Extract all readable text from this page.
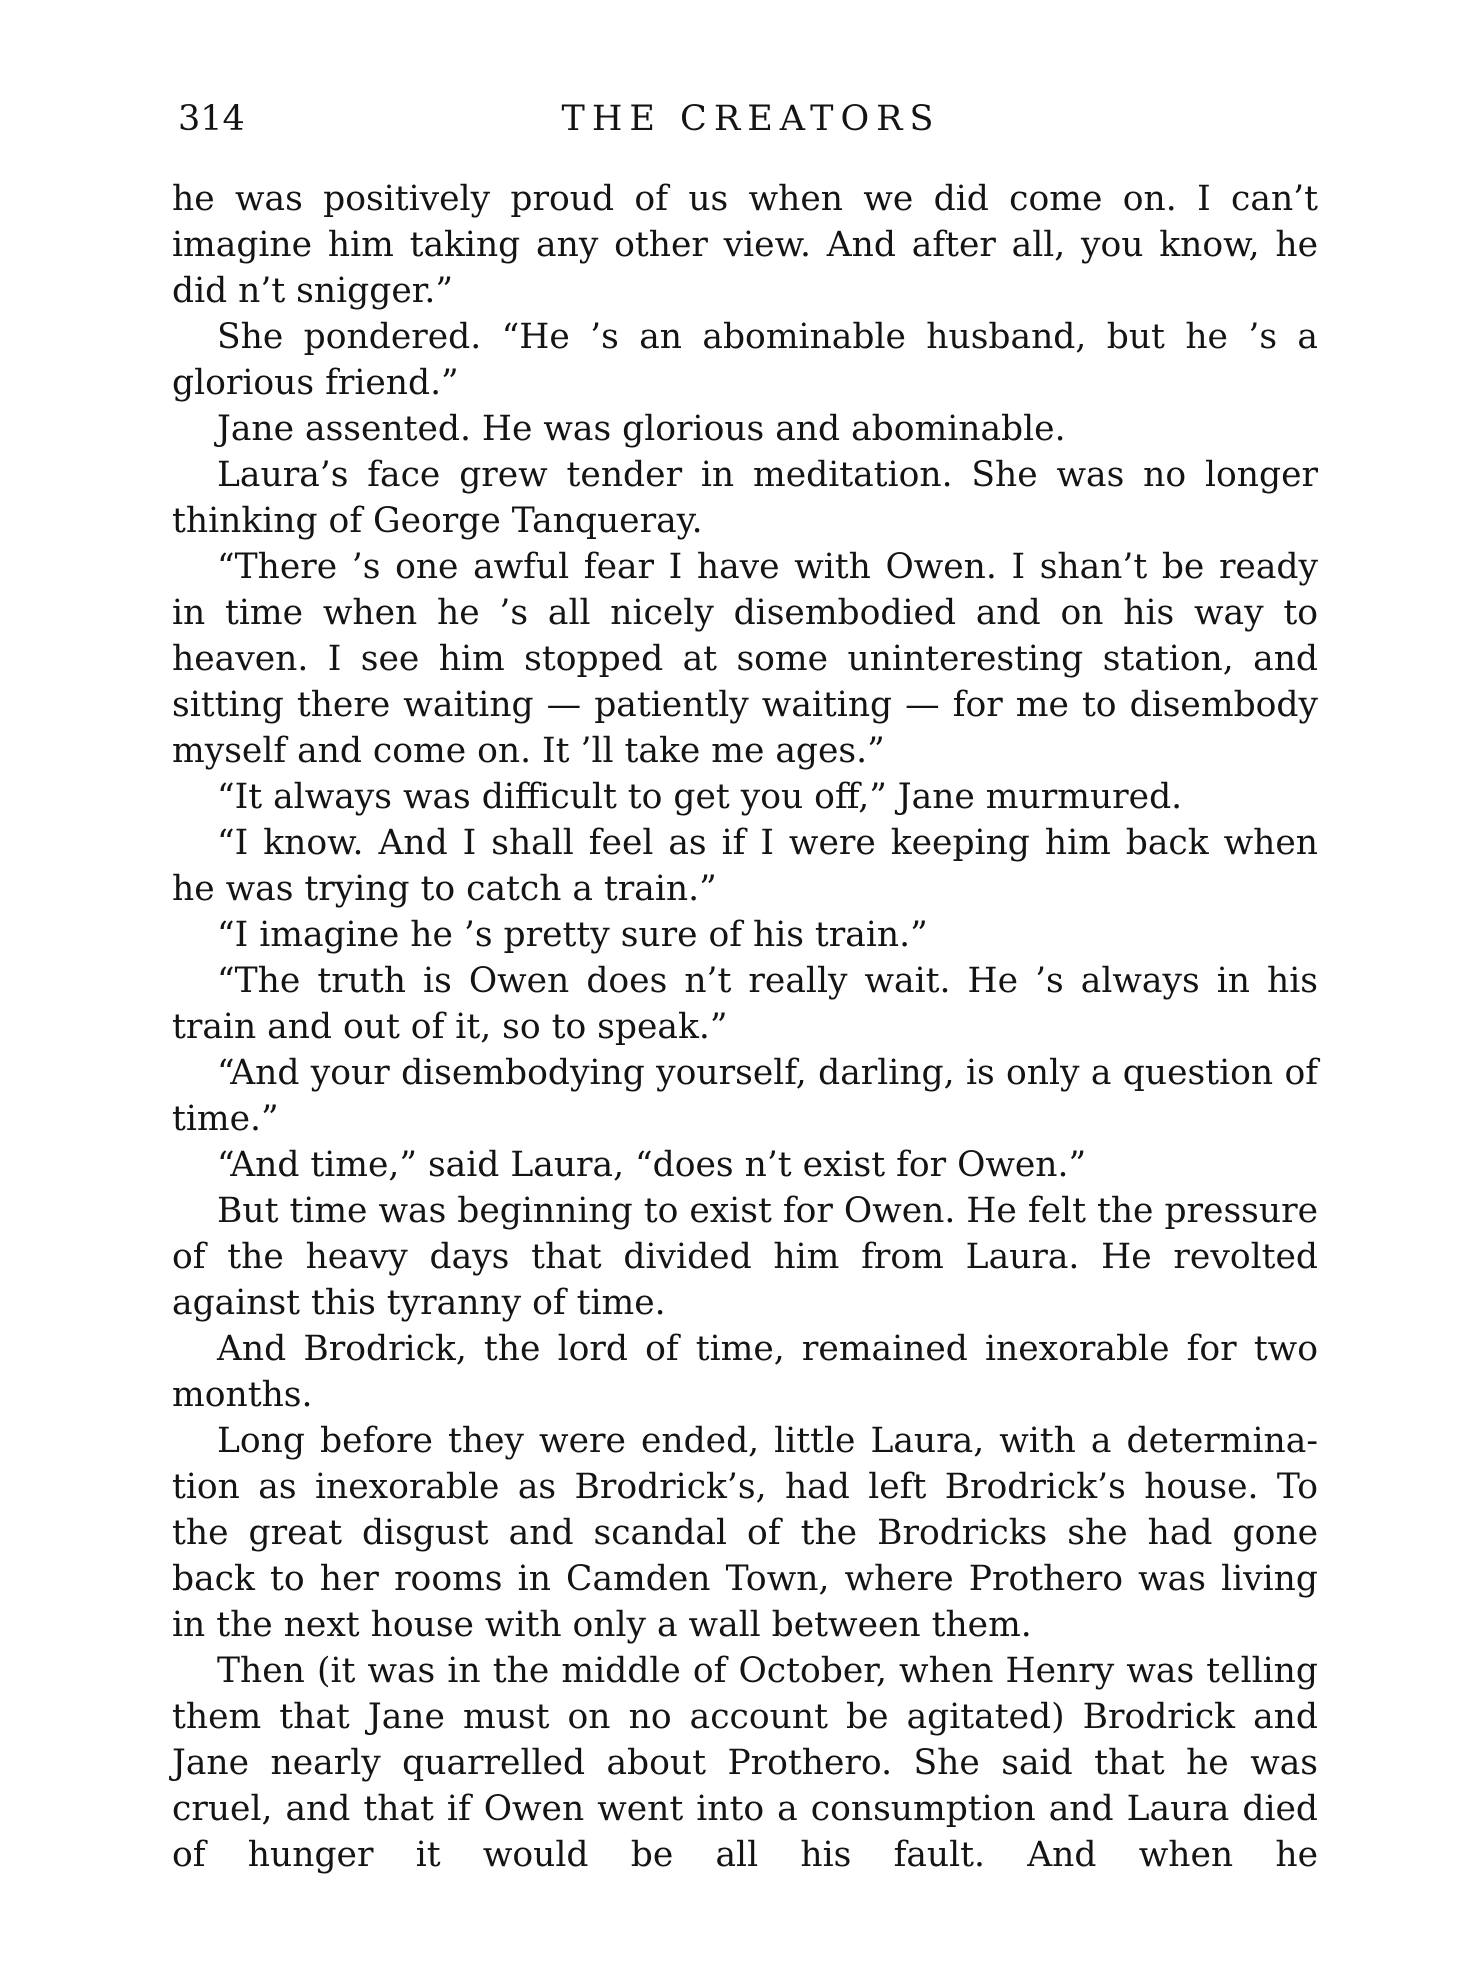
314	THE CREATORS

he was positively proud of us when we did come on. I can’t imagine him taking any other view. And after all, you know, he did n’t snigger.”

She pondered. “He ’s an abominable husband, but he ’s a glorious friend.”

Jane assented. He was glorious and abominable.

Laura’s face grew tender in meditation. She was no longer thinking of George Tanqueray.

“There ’s one awful fear I have with Owen. I shan’t be ready in time when he ’s all nicely disembodied and on his way to heaven. I see him stopped at some uninteresting station, and sitting there waiting — patiently waiting — for me to disembody myself and come on. It ’ll take me ages.”

“It always was difficult to get you off,” Jane murmured.

“I know. And I shall feel as if I were keeping him back when he was trying to catch a train.”

“I imagine he ’s pretty sure of his train.”

“The truth is Owen does n’t really wait. He ’s always in his train and out of it, so to speak.”

“And your disembodying yourself, darling, is only a question of time.”

“And time,” said Laura, “does n’t exist for Owen.”

But time was beginning to exist for Owen. He felt the pressure of the heavy days that divided him from Laura. He revolted against this tyranny of time.

And Brodrick, the lord of time, remained inexorable for two months.

Long before they were ended, little Laura, with a determination as inexorable as Brodrick’s, had left Brodrick’s house. To the great disgust and scandal of the Brodricks she had gone back to her rooms in Camden Town, where Prothero was living in the next house with only a wall between them.

Then (it was in the middle of October, when Henry was telling them that Jane must on no account be agitated) Brodrick and Jane nearly quarrelled about Prothero. She said that he was cruel, and that if Owen went into a consumption and Laura died of hunger it would be all his fault. And when he
